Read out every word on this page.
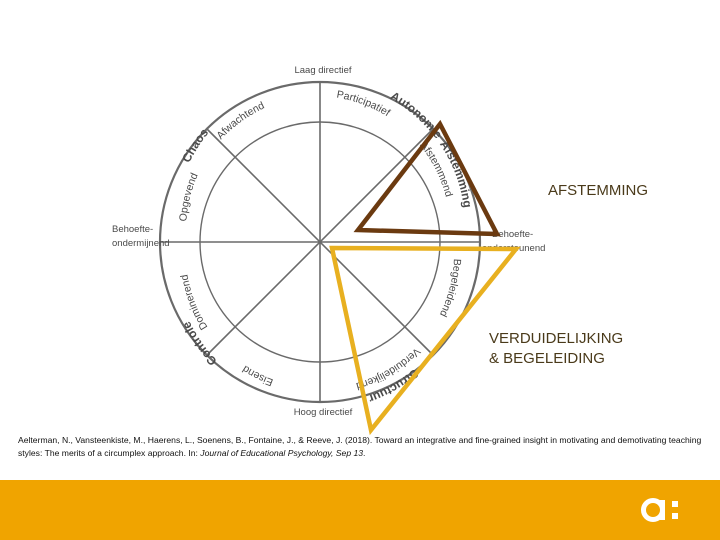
Laag directief
Hoog directief
Behoefte-
ondermijnend
Behoefte-
ondersteunend
Chaos
Autonomie
Afstemming
Structuur
Controle
Afwachtend
Opgevend
Participatief
Afstemmend
Begeleidend
Verduidelijkend
Eisend
Dominerend
AFSTEMMING
VERDUIDELIJKING
& BEGELEIDING
Aelterman, N., Vansteenkiste, M., Haerens, L., Soenens, B., Fontaine, J., & Reeve, J. (2018). Toward an integrative and fine-grained insight in motivating and demotivating teaching styles: The merits of a circumplex approach. In: Journal of Educational Psychology, Sep 13.
